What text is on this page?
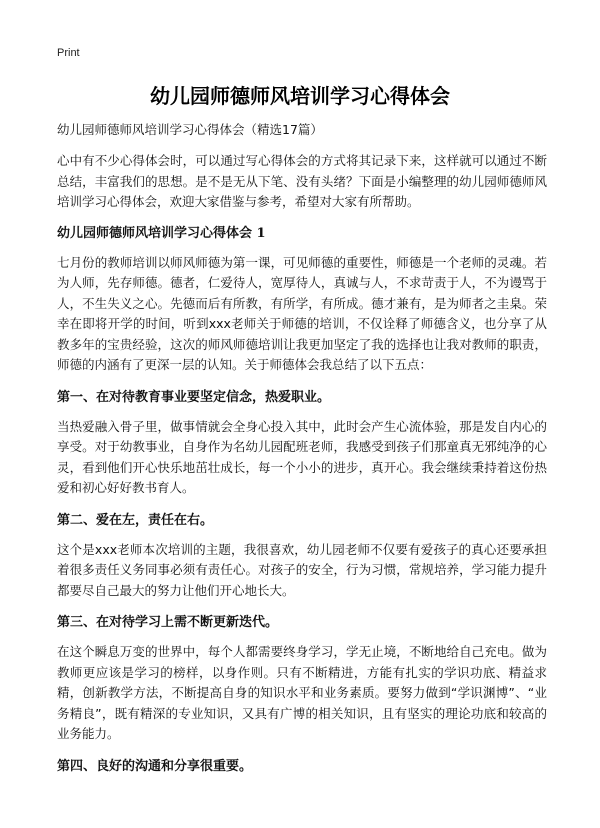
Print
幼儿园师德师风培训学习心得体会

幼儿园师德师风培训学习心得体会（精选17篇）

心中有不少心得体会时，可以通过写心得体会的方式将其记录下来，这样就可以通过不断总结，丰富我们的思想。是不是无从下笔、没有头绪？下面是小编整理的幼儿园师德师风培训学习心得体会，欢迎大家借鉴与参考，希望对大家有所帮助。

幼儿园师德师风培训学习心得体会 1

七月份的教师培训以师风师德为第一课，可见师德的重要性，师德是一个老师的灵魂。若为人师，先存师德。德者，仁爱待人，宽厚待人，真诚与人，不求苛责于人，不为谩骂于人，不生失义之心。先德而后有所教，有所学，有所成。德才兼有，是为师者之圭臬。荣幸在即将开学的时间，听到xxx老师关于师德的培训，不仅诠释了师德含义，也分享了从教多年的宝贵经验，这次的师风师德培训让我更加坚定了我的选择也让我对教师的职责，师德的内涵有了更深一层的认知。关于师德体会我总结了以下五点：

第一、在对待教育事业要坚定信念，热爱职业。

当热爱融入骨子里，做事情就会全身心投入其中，此时会产生心流体验，那是发自内心的享受。对于幼教事业，自身作为名幼儿园配班老师，我感受到孩子们那童真无邪纯净的心灵，看到他们开心快乐地茁壮成长，每一个小小的进步，真开心。我会继续秉持着这份热爱和初心好好教书育人。

第二、爱在左，责任在右。

这个是xxx老师本次培训的主题，我很喜欢，幼儿园老师不仅要有爱孩子的真心还要承担着很多责任义务同事必须有责任心。对孩子的安全，行为习惯，常规培养，学习能力提升都要尽自己最大的努力让他们开心地长大。

第三、在对待学习上需不断更新迭代。

在这个瞬息万变的世界中，每个人都需要终身学习，学无止境，不断地给自己充电。做为教师更应该是学习的榜样，以身作则。只有不断精进，方能有扎实的学识功底、精益求精，创新教学方法，不断提高自身的知识水平和业务素质。要努力做到“学识渊博”、“业务精良”，既有精深的专业知识，又具有广博的相关知识，且有坚实的理论功底和较高的业务能力。

第四、良好的沟通和分享很重要。
